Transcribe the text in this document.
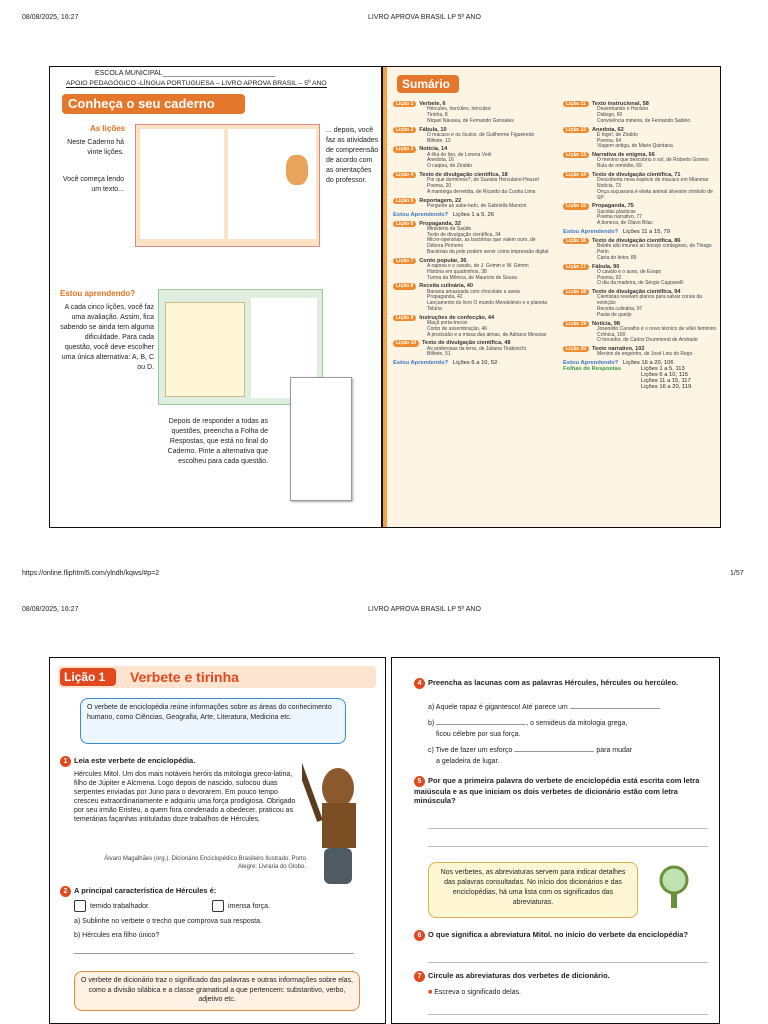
08/08/2025, 16:27	LIVRO APROVA BRASIL LP 5º ANO
ESCOLA MUNICIPAL_____________________________
APOIO PEDAGÓGICO -LÍNGUA PORTUGUESA – LIVRO APROVA BRASIL – 5º ANO
Conheça o seu caderno
As lições
Neste Caderno há vinte lições.
Você começa lendo um texto...
... depois, você faz as atividades de compreensão de acordo com as orientações do professor.
Estou aprendendo?
A cada cinco lições, você faz uma avaliação. Assim, fica sabendo se ainda tem alguma dificuldade. Para cada questão, você deve escolher uma única alternativa: A, B, C ou D.
Depois de responder a todas as questões, preencha a Folha de Respostas, que está no final do Caderno. Pinte a alternativa que escolheu para cada questão.
Sumário
Lição 1 Verbete, 6
Hércules, hercúleo, hérculeo
Tirinha, 8
Níquel Náusea, de Fernando Gonsales
Lição 2 Fábula, 10
O macaco e os óculos, de Guilherme Figueiredo
Bilhete, 12
Lição 3 Notícia, 14
A ilha do lixo, de Lorena Verli
Anedota, 16
O caipira, de Ziraldo
Lição 4 Texto de divulgação científica, 18
Por que dormimos?, de Suzana Herculano-Houzel
Poema, 20
A manteiga derretida, de Ricardo da Cunha Lima
Lição 5 Reportagem, 22
Pergunte ao sabe-tudo, de Gabriella Mancini
Estou Aprendendo? Lições 1 a 5, 26
Lição 6 Propaganda, 32
Ministério da Saúde
Texto de divulgação científica, 34
Micro-operárias, as bactérias que valem ouro, de Débora Pinheiro
Bactérias da pele podem servir como impressão digital
Lição 7 Conto popular, 36
A raposa e o cavalo, de J. Grimm e W. Grimm
História em quadrinhos, 38
Turma da Mônica, de Mauricio de Sousa
Lição 8 Receita culinária, 40
Banana amassada com chocolate e aveia
Propaganda, 42
Lançamento do livro O mundo Mendelévio e o planeta Telúria
Lição 9 Instruções de confecção, 44
Maçã porta-trecos
Conto de assombração, 46
A procissão e a missa das almas, de Adriano Messias
Lição 10 Texto de divulgação científica, 48
As poderosas da terra, de Juliana Tiraboschi
Bilhete, 51
Estou Aprendendo? Lições 6 a 10, 52
Lição 11 Texto instrucional, 58
Desenhando o Horácio
Diálogo, 60
Convivência mineira, de Fernando Sabino
Lição 12 Anedota, 62
É fogo!, de Ziraldo
Poema, 64
Viagem antiga, de Mario Quintana
Lição 13 Narrativa de enigma, 66
O menino que descobriu o sol, de Roberto Gomes
Bula de remédio, 69
Lição 14 Texto de divulgação científica, 71
Descoberta nova espécie de macaco em Mianmar
Notícia, 73
Onça suçuarana é eleita animal silvestre símbolo de SP
Lição 15 Propaganda, 75
Sacolas plásticas
Poema narrativo, 77
A boneca, de Olavo Bilac
Estou Aprendendo? Lições 11 a 15, 79
Lição 16 Texto de divulgação científica, 86
Bebês são imunes ao bocejo contagioso, de Thiago Perin
Carta do leitor, 89
Lição 17 Fábula, 90
O cavalo e o asno, de Esopo
Poema, 92
O dia da madeira, de Sérgio Capparelli
Lição 18 Texto de divulgação científica, 94
Cientistas revelam planos para salvar corais da extinção
Receita culinária, 97
Pasta de queijo
Lição 19 Notícia, 98
Josenildo Carvalho é o novo técnico de vôlei feminino
Crônica, 100
O torcedor, de Carlos Drummond de Andrade
Lição 20 Texto narrativo, 102
Menino de engenho, de José Lins do Rego
Estou Aprendendo? Lições 16 a 20, 106
Folhas de Respostas	Lições 1 a 5, 113
Lições 6 a 10, 115
Lições 11 a 15, 117
Lições 16 a 20, 119
https://online.fliphtml5.com/ylndh/kqws/#p=2	1/57
08/08/2025, 16:27	LIVRO APROVA BRASIL LP 5º ANO
Lição 1	Verbete e tirinha
O verbete de enciclopédia reúne informações sobre as áreas do conhecimento humano, como Ciências, Geografia, Arte, Literatura, Medicina etc.
1 Leia este verbete de enciclopédia.
Hércules Mitol. Um dos mais notáveis heróis da mitologia greco-latina, filho de Júpiter e Alcmena. Logo depois de nascido, sufocou duas serpentes enviadas por Juno para o devorarem. Em pouco tempo cresceu extraordinariamente e adquiriu uma força prodigiosa. Obrigado por seu irmão Eristeu, a quem fora condenado a obedecer, praticou as temerárias façanhas intituladas doze trabalhos de Hércules.
Álvaro Magalhães (org.). Dicionário Enciclopédico Brasileiro Ilustrado. Porto Alegre: Livraria do Globo.
2 A principal característica de Hércules é:
temido trabalhador.	imensa força.
a) Sublinhe no verbete o trecho que comprova sua resposta.
b) Hércules era filho único?
O verbete de dicionário traz o significado das palavras e outras informações sobre elas, como a divisão silábica e a classe gramatical a que pertencem: substantivo, verbo, adjetivo etc.
4 Preencha as lacunas com as palavras Hércules, hércules ou hercúleo.
a) Aquele rapaz é gigantesco! Até parece um
b)	, o semideus da mitologia grega,
ficou célebre por sua força.
c) Tive de fazer um esforço	para mudar
a geladeira de lugar.
5 Por que a primeira palavra do verbete de enciclopédia está escrita com letra maiúscula e as que iniciam os dois verbetes de dicionário estão com letra minúscula?
Nos verbetes, as abreviaturas servem para indicar detalhes das palavras consultadas. No início dos dicionários e das enciclopédias, há uma lista com os significados das abreviaturas.
6 O que significa a abreviatura Mitol. no início do verbete da enciclopédia?
7 Circule as abreviaturas dos verbetes de dicionário.
■ Escreva o significado delas.
